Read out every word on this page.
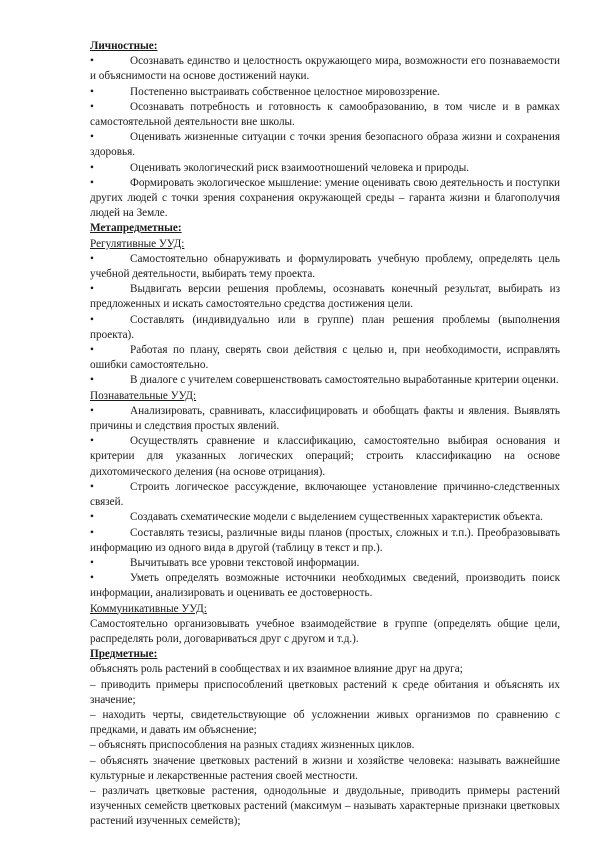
Личностные:

•	Осознавать единство и целостность окружающего мира, возможности его познаваемости и объяснимости на основе достижений науки.

•	Постепенно выстраивать собственное целостное мировоззрение.

•	Осознавать потребность и готовность к самообразованию, в том числе и в рамках самостоятельной деятельности вне школы.

•	Оценивать жизненные ситуации с точки зрения безопасного образа жизни и сохранения здоровья.

•	Оценивать экологический риск взаимоотношений человека и природы.

•	Формировать экологическое мышление: умение оценивать свою деятельность и поступки других людей с точки зрения сохранения окружающей среды – гаранта жизни и благополучия людей на Земле.

Метапредметные:
Регулятивные УУД:

•	Самостоятельно обнаруживать и формулировать учебную проблему, определять цель учебной деятельности, выбирать тему проекта.

•	Выдвигать версии решения проблемы, осознавать конечный результат, выбирать из предложенных и искать самостоятельно средства достижения цели.

•	Составлять (индивидуально или в группе) план решения проблемы (выполнения проекта).

•	Работая по плану, сверять свои действия с целью и, при необходимости, исправлять ошибки самостоятельно.

•	В диалоге с учителем совершенствовать самостоятельно выработанные критерии оценки.

Познавательные УУД:

•	Анализировать, сравнивать, классифицировать и обобщать факты и явления. Выявлять причины и следствия простых явлений.

•	Осуществлять сравнение и классификацию, самостоятельно выбирая основания и критерии для указанных логических операций; строить классификацию на основе дихотомического деления (на основе отрицания).

•	Строить логическое рассуждение, включающее установление причинно-следственных связей.

•	Создавать схематические модели с выделением существенных характеристик объекта.

•	Составлять тезисы, различные виды планов (простых, сложных и т.п.). Преобразовывать информацию из одного вида в другой (таблицу в текст и пр.).

•	Вычитывать все уровни текстовой информации.

•	Уметь определять возможные источники необходимых сведений, производить поиск информации, анализировать и оценивать ее достоверность.

Коммуникативные УУД:

Самостоятельно организовывать учебное взаимодействие в группе (определять общие цели, распределять роли, договариваться друг с другом и т.д.).

Предметные:

объяснять роль растений в сообществах и их взаимное влияние друг на друга;

– приводить примеры приспособлений цветковых растений к среде обитания и объяснять их значение;

– находить черты, свидетельствующие об усложнении живых организмов по сравнению с предками, и давать им объяснение;

– объяснять приспособления на разных стадиях жизненных циклов.

– объяснять значение цветковых растений в жизни и хозяйстве человека: называть важнейшие культурные и лекарственные растения своей местности.

– различать цветковые растения, однодольные и двудольные, приводить примеры растений изученных семейств цветковых растений (максимум – называть характерные признаки цветковых растений изученных семейств);
